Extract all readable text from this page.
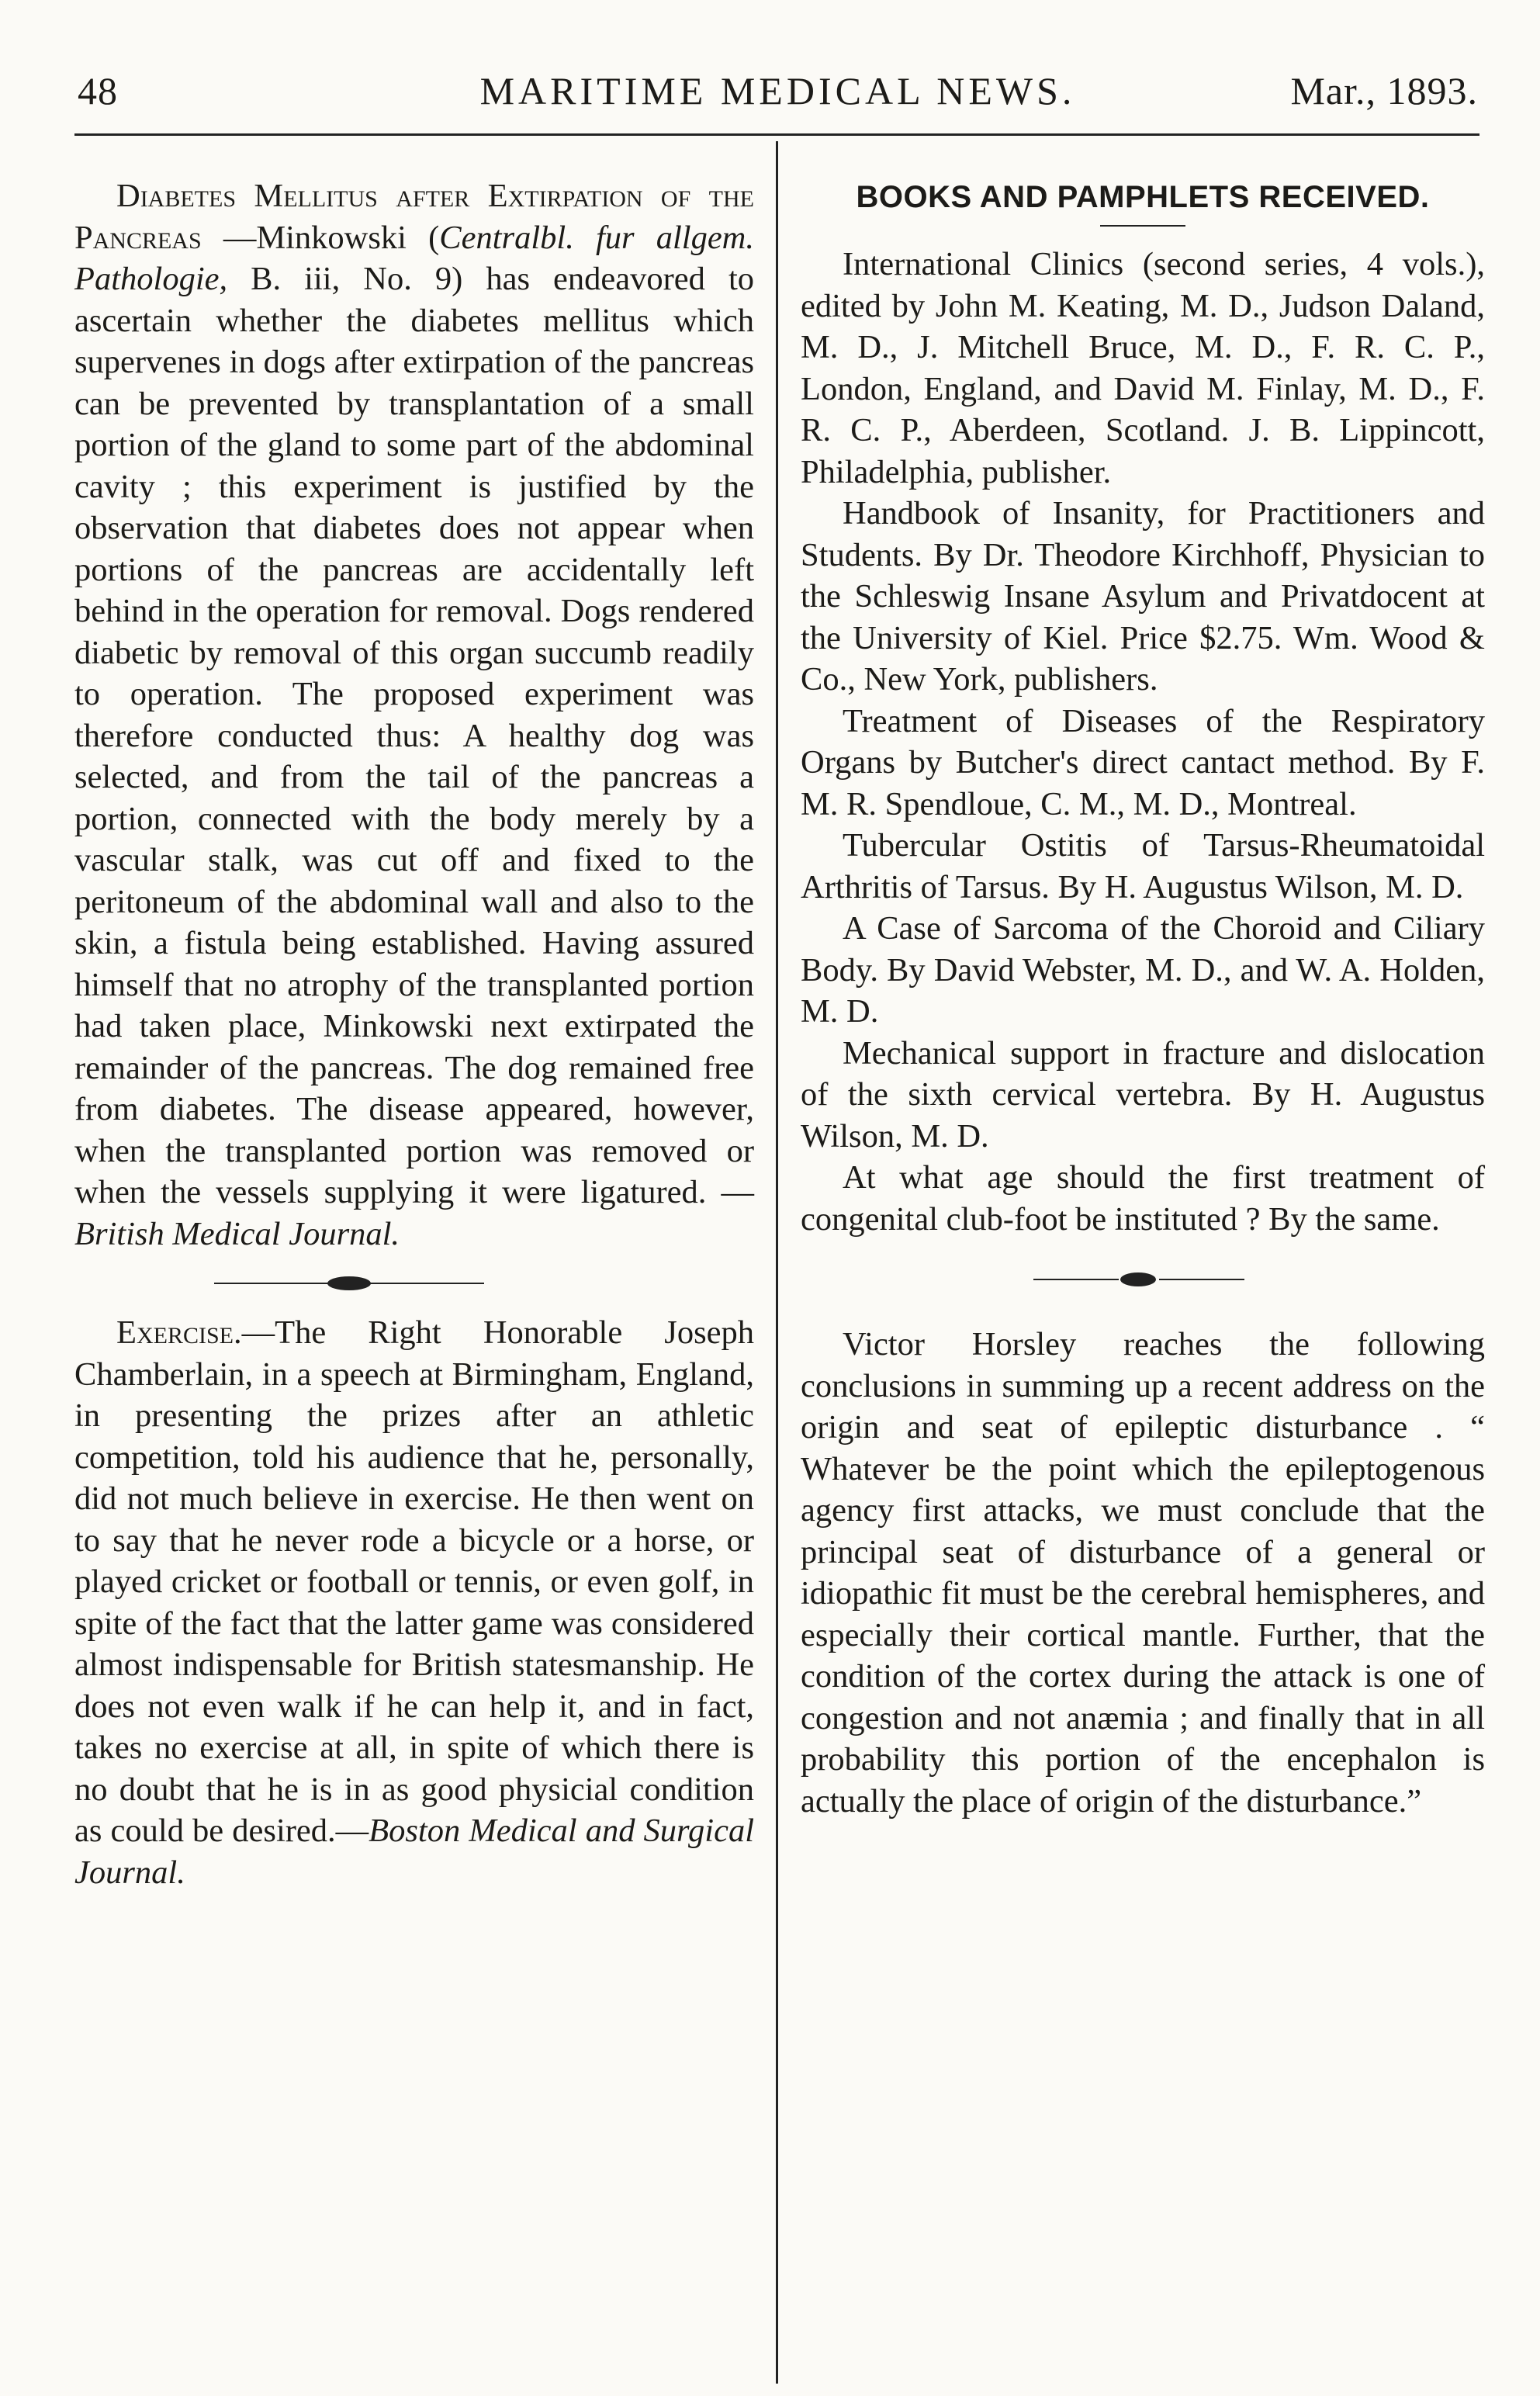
48	MARITIME MEDICAL NEWS.	Mar., 1893.

Diabetes Mellitus after Extirpation of the Pancreas —Minkowski (Centralbl. fur allgem. Pathologie, B. iii, No. 9) has endeavored to ascertain whether the diabetes mellitus which supervenes in dogs after extirpation of the pancreas can be prevented by transplantation of a small portion of the gland to some part of the abdominal cavity ; this experiment is justified by the observation that diabetes does not appear when portions of the pancreas are accidentally left behind in the operation for removal. Dogs rendered diabetic by removal of this organ succumb readily to operation. The proposed experiment was therefore conducted thus: A healthy dog was selected, and from the tail of the pancreas a portion, connected with the body merely by a vascular stalk, was cut off and fixed to the peritoneum of the abdominal wall and also to the skin, a fistula being established. Having assured himself that no atrophy of the transplanted portion had taken place, Minkowski next extirpated the remainder of the pancreas. The dog remained free from diabetes. The disease appeared, however, when the transplanted portion was removed or when the vessels supplying it were ligatured. — British Medical Journal.

Exercise.—The Right Honorable Joseph Chamberlain, in a speech at Birmingham, England, in presenting the prizes after an athletic competition, told his audience that he, personally, did not much believe in exercise. He then went on to say that he never rode a bicycle or a horse, or played cricket or football or tennis, or even golf, in spite of the fact that the latter game was considered almost indispensable for British statesmanship. He does not even walk if he can help it, and in fact, takes no exercise at all, in spite of which there is no doubt that he is in as good physicial condition as could be desired.—Boston Medical and Surgical Journal.

BOOKS AND PAMPHLETS RECEIVED.

International Clinics (second series, 4 vols.), edited by John M. Keating, M. D., Judson Daland, M. D., J. Mitchell Bruce, M. D., F. R. C. P., London, England, and David M. Finlay, M. D., F. R. C. P., Aberdeen, Scotland. J. B. Lippincott, Philadelphia, publisher.

Handbook of Insanity, for Practitioners and Students. By Dr. Theodore Kirchhoff, Physician to the Schleswig Insane Asylum and Privatdocent at the University of Kiel. Price $2.75. Wm. Wood & Co., New York, publishers.

Treatment of Diseases of the Respiratory Organs by Butcher's direct cantact method. By F. M. R. Spendloue, C. M., M. D., Montreal.

Tubercular Ostitis of Tarsus-Rheumatoidal Arthritis of Tarsus. By H. Augustus Wilson, M. D.

A Case of Sarcoma of the Choroid and Ciliary Body. By David Webster, M. D., and W. A. Holden, M. D.

Mechanical support in fracture and dislocation of the sixth cervical vertebra. By H. Augustus Wilson, M. D.

At what age should the first treatment of congenital club-foot be instituted ? By the same.

Victor Horsley reaches the following conclusions in summing up a recent address on the origin and seat of epileptic disturbance . “ Whatever be the point which the epileptogenous agency first attacks, we must conclude that the principal seat of disturbance of a general or idiopathic fit must be the cerebral hemispheres, and especially their cortical mantle. Further, that the condition of the cortex during the attack is one of congestion and not anæmia ; and finally that in all probability this portion of the encephalon is actually the place of origin of the disturbance.”
